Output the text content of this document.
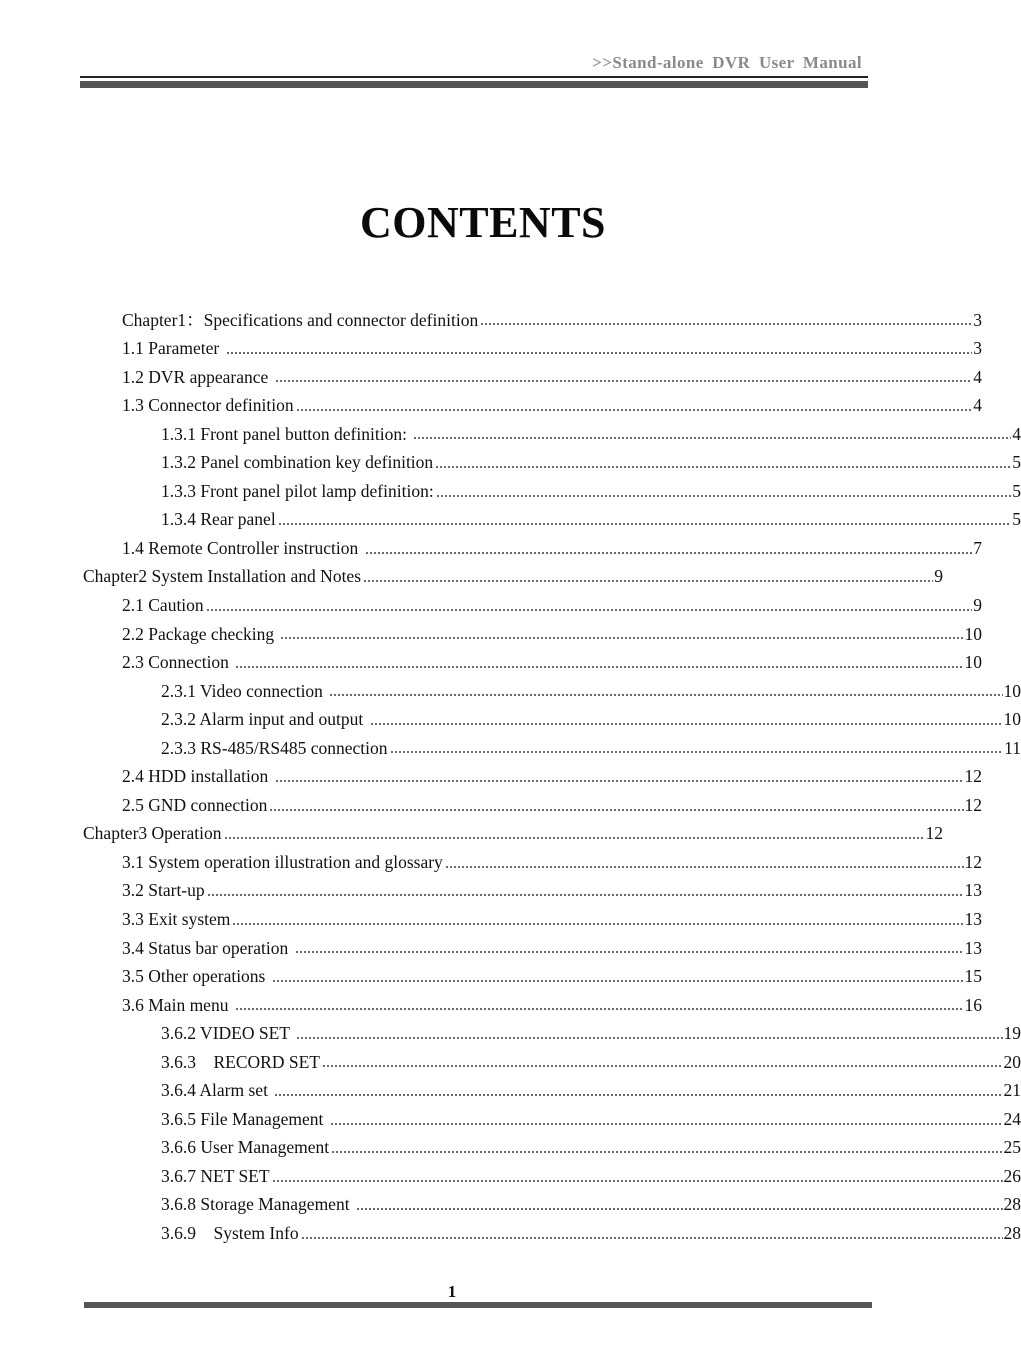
>>Stand-alone DVR User Manual
CONTENTS
Chapter1：Specifications and connector definition	3
1.1 Parameter	3
1.2 DVR appearance	4
1.3 Connector definition	4
1.3.1 Front panel button definition:	4
1.3.2 Panel combination key definition	5
1.3.3 Front panel pilot lamp definition:	5
1.3.4 Rear panel	5
1.4 Remote Controller instruction	7
Chapter2 System Installation and Notes	9
2.1 Caution	9
2.2 Package checking	10
2.3 Connection	10
2.3.1 Video connection	10
2.3.2 Alarm input and output	10
2.3.3 RS-485/RS485 connection	11
2.4 HDD installation	12
2.5 GND connection	12
Chapter3 Operation	12
3.1 System operation illustration and glossary	12
3.2 Start-up	13
3.3 Exit system	13
3.4 Status bar operation	13
3.5 Other operations	15
3.6 Main menu	16
3.6.2 VIDEO SET	19
3.6.3    RECORD SET	20
3.6.4 Alarm set	21
3.6.5 File Management	24
3.6.6 User Management	25
3.6.7 NET SET	26
3.6.8 Storage Management	28
3.6.9    System Info	28
1
